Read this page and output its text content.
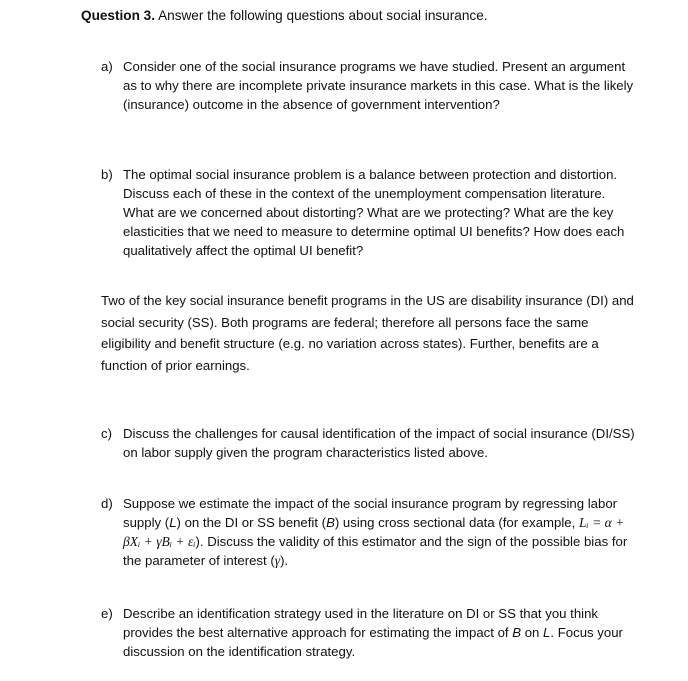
Question 3. Answer the following questions about social insurance.
a) Consider one of the social insurance programs we have studied. Present an argument as to why there are incomplete private insurance markets in this case. What is the likely (insurance) outcome in the absence of government intervention?
b) The optimal social insurance problem is a balance between protection and distortion. Discuss each of these in the context of the unemployment compensation literature. What are we concerned about distorting? What are we protecting? What are the key elasticities that we need to measure to determine optimal UI benefits? How does each qualitatively affect the optimal UI benefit?
Two of the key social insurance benefit programs in the US are disability insurance (DI) and social security (SS). Both programs are federal; therefore all persons face the same eligibility and benefit structure (e.g. no variation across states). Further, benefits are a function of prior earnings.
c) Discuss the challenges for causal identification of the impact of social insurance (DI/SS) on labor supply given the program characteristics listed above.
d) Suppose we estimate the impact of the social insurance program by regressing labor supply (L) on the DI or SS benefit (B) using cross sectional data (for example, Lᵢ = α + βXᵢ + γBᵢ + εᵢ). Discuss the validity of this estimator and the sign of the possible bias for the parameter of interest (γ).
e) Describe an identification strategy used in the literature on DI or SS that you think provides the best alternative approach for estimating the impact of B on L. Focus your discussion on the identification strategy.
